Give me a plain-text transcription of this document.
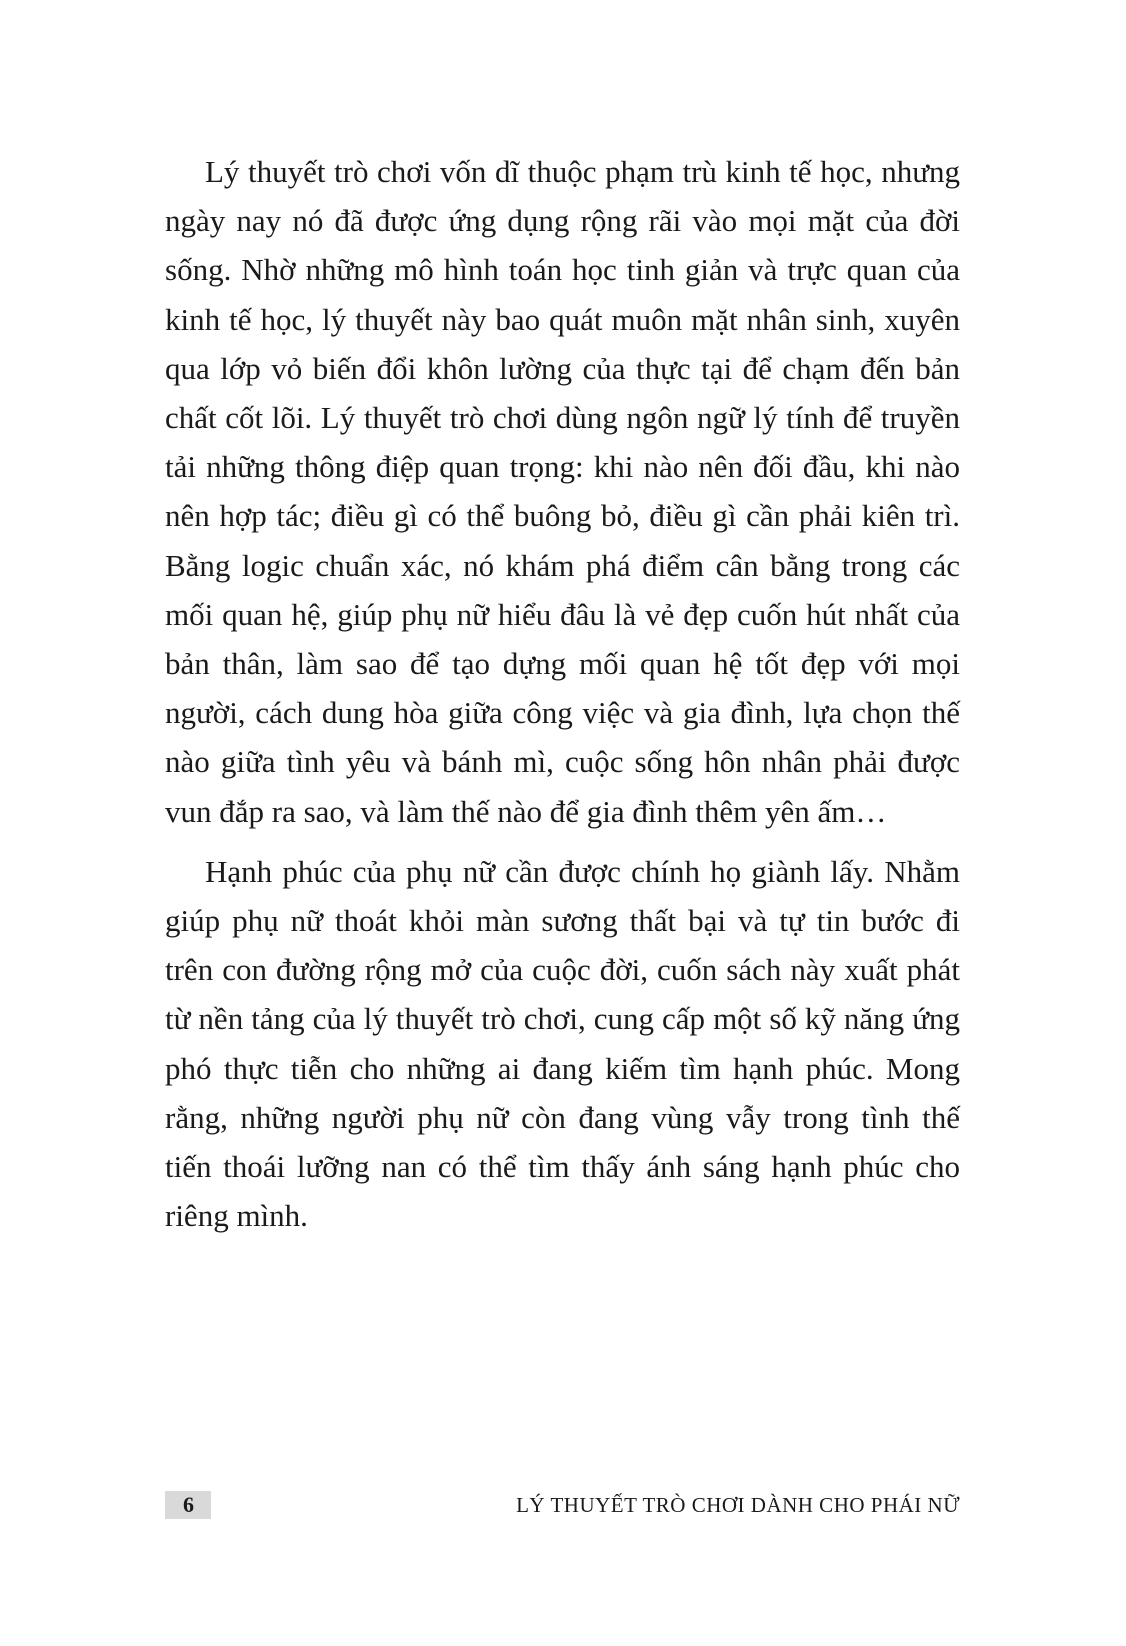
Lý thuyết trò chơi vốn dĩ thuộc phạm trù kinh tế học, nhưng ngày nay nó đã được ứng dụng rộng rãi vào mọi mặt của đời sống. Nhờ những mô hình toán học tinh giản và trực quan của kinh tế học, lý thuyết này bao quát muôn mặt nhân sinh, xuyên qua lớp vỏ biến đổi khôn lường của thực tại để chạm đến bản chất cốt lõi. Lý thuyết trò chơi dùng ngôn ngữ lý tính để truyền tải những thông điệp quan trọng: khi nào nên đối đầu, khi nào nên hợp tác; điều gì có thể buông bỏ, điều gì cần phải kiên trì. Bằng logic chuẩn xác, nó khám phá điểm cân bằng trong các mối quan hệ, giúp phụ nữ hiểu đâu là vẻ đẹp cuốn hút nhất của bản thân, làm sao để tạo dựng mối quan hệ tốt đẹp với mọi người, cách dung hòa giữa công việc và gia đình, lựa chọn thế nào giữa tình yêu và bánh mì, cuộc sống hôn nhân phải được vun đắp ra sao, và làm thế nào để gia đình thêm yên ấm…

Hạnh phúc của phụ nữ cần được chính họ giành lấy. Nhằm giúp phụ nữ thoát khỏi màn sương thất bại và tự tin bước đi trên con đường rộng mở của cuộc đời, cuốn sách này xuất phát từ nền tảng của lý thuyết trò chơi, cung cấp một số kỹ năng ứng phó thực tiễn cho những ai đang kiếm tìm hạnh phúc. Mong rằng, những người phụ nữ còn đang vùng vẫy trong tình thế tiến thoái lưỡng nan có thể tìm thấy ánh sáng hạnh phúc cho riêng mình.

6	LÝ THUYẾT TRÒ CHƠI DÀNH CHO PHÁI NỮ
